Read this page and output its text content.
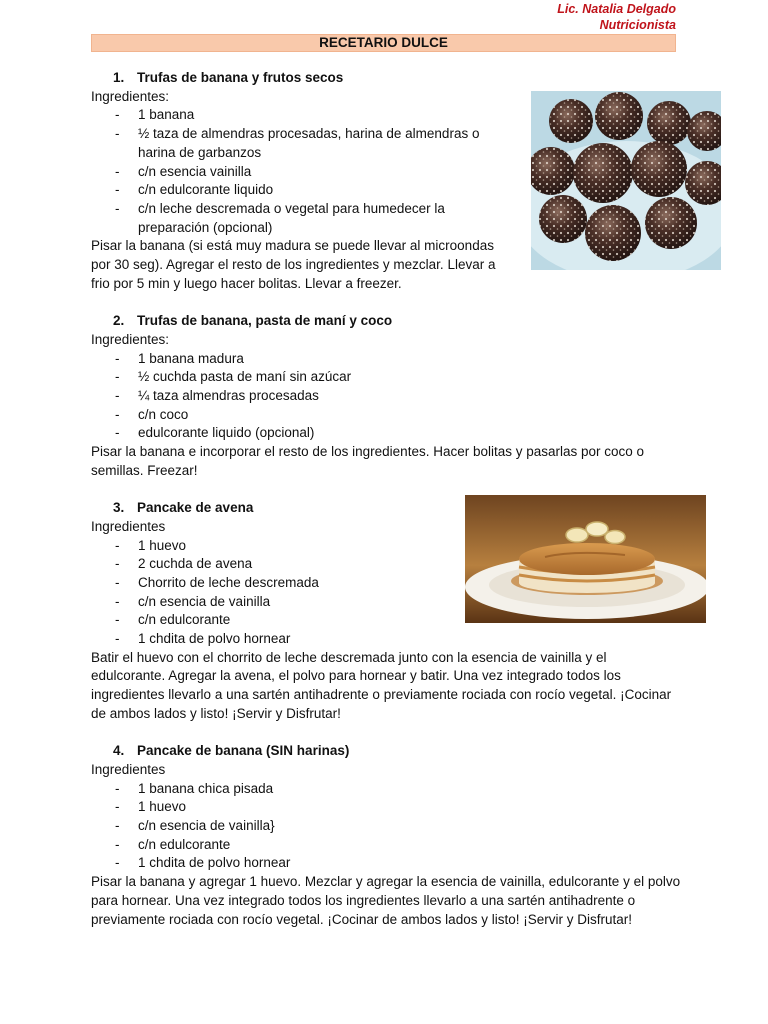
Lic. Natalia Delgado
Nutricionista
RECETARIO DULCE
1. Trufas de banana y frutos secos
Ingredientes:
- 1 banana
- ½ taza de almendras procesadas, harina de almendras o harina de garbanzos
- c/n esencia vainilla
- c/n edulcorante liquido
- c/n leche descremada o vegetal para humedecer la preparación (opcional)
Pisar la banana (si está muy madura se puede llevar al microondas por 30 seg). Agregar el resto de los ingredientes y mezclar. Llevar a frio por 5 min y luego hacer bolitas. Llevar a freezer.
2. Trufas de banana, pasta de maní y coco
Ingredientes:
- 1 banana madura
- ½ cuchda pasta de maní sin azúcar
- ¼ taza almendras procesadas
- c/n coco
- edulcorante liquido (opcional)
Pisar la banana e incorporar el resto de los ingredientes. Hacer bolitas y pasarlas por coco o semillas. Freezar!
3. Pancake de avena
Ingredientes
- 1 huevo
- 2 cuchda de avena
- Chorrito de leche descremada
- c/n esencia de vainilla
- c/n edulcorante
- 1 chdita de polvo hornear
Batir el huevo con el chorrito de leche descremada junto con la esencia de vainilla y el edulcorante. Agregar la avena, el polvo para hornear y batir. Una vez integrado todos los ingredientes llevarlo a una sartén antihadrente o previamente rociada con rocío vegetal. ¡Cocinar de ambos lados y listo! ¡Servir y Disfrutar!
4. Pancake de banana (SIN harinas)
Ingredientes
- 1 banana chica pisada
- 1 huevo
- c/n esencia de vainilla}
- c/n edulcorante
- 1 chdita de polvo hornear
Pisar la banana y agregar 1 huevo. Mezclar y agregar la esencia de vainilla, edulcorante y el polvo para hornear. Una vez integrado todos los ingredientes llevarlo a una sartén antihadrente o previamente rociada con rocío vegetal. ¡Cocinar de ambos lados y listo! ¡Servir y Disfrutar!
